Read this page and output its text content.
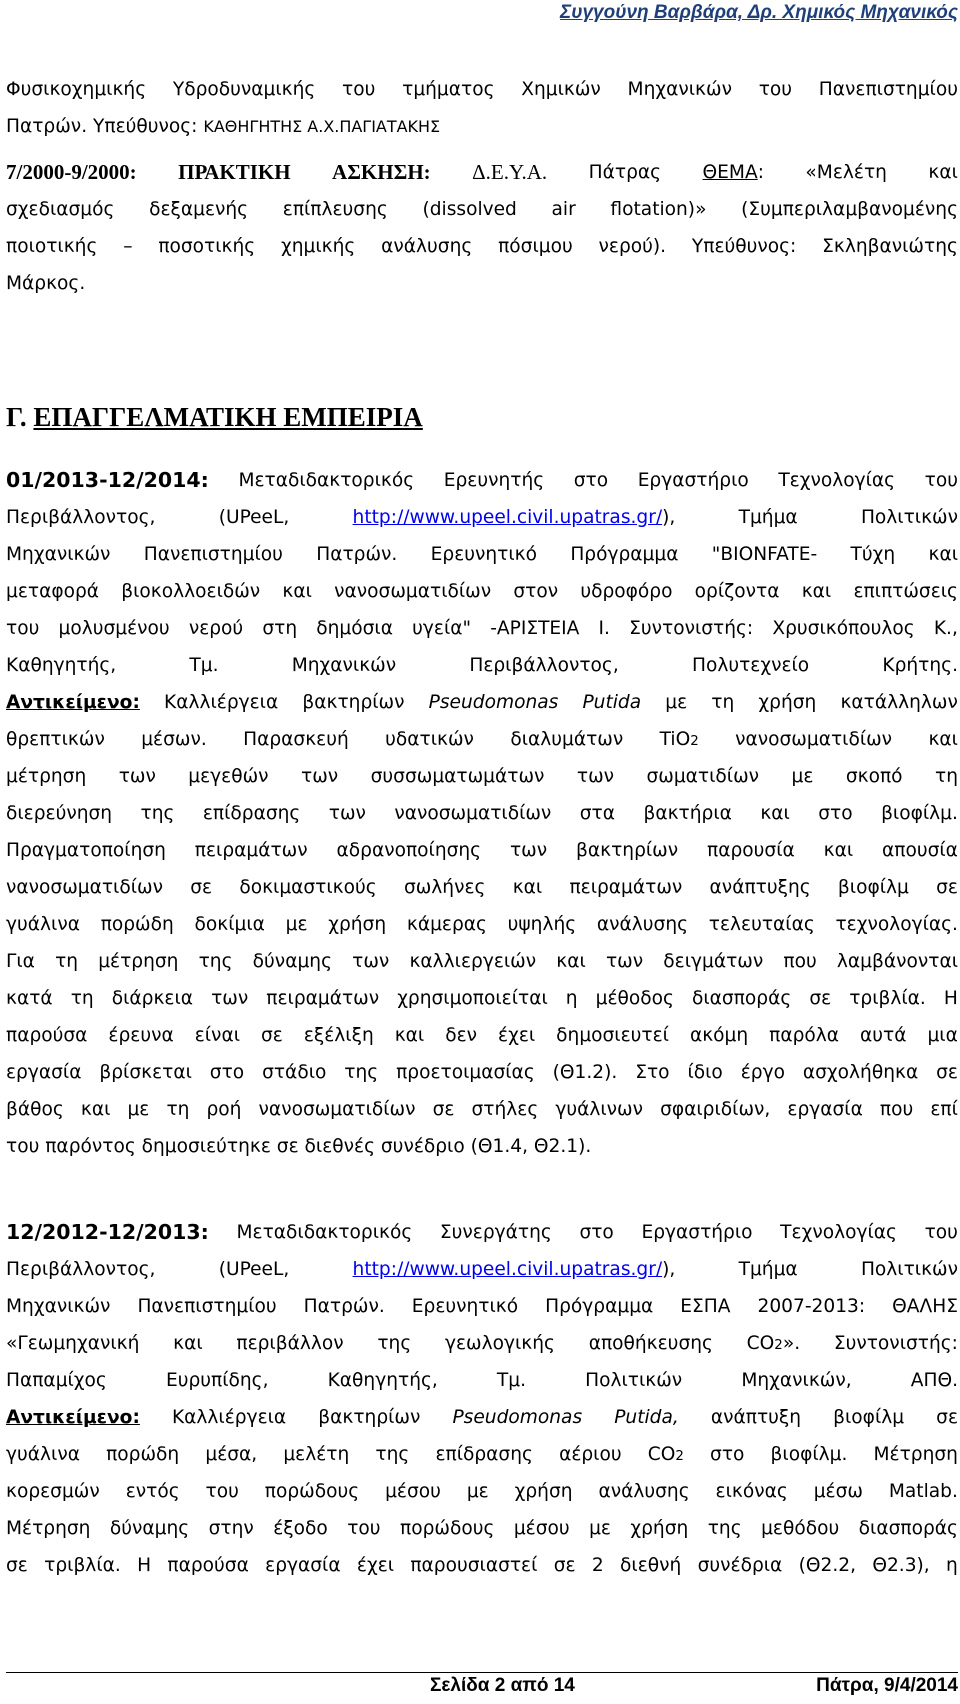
Συγγούνη Βαρβάρα, Δρ. Χημικός Μηχανικός
Φυσικοχημικής Υδροδυναμικής του τμήματος Χημικών Μηχανικών του Πανεπιστημίου
Πατρών. Υπεύθυνος: ΚΑΘΗΓΗΤΗΣ Α.Χ.ΠΑΓΙΑΤΑΚΗΣ
7/2000-9/2000: ΠΡΑΚΤΙΚΗ ΑΣΚΗΣΗ: Δ.Ε.Υ.Α. Πάτρας ΘΕΜΑ: «Μελέτη και
σχεδιασμός δεξαμενής επίπλευσης (dissolved air flotation)» (Συμπεριλαμβανομένης
ποιοτικής – ποσοτικής χημικής ανάλυσης πόσιμου νερού). Υπεύθυνος: Σκληβανιώτης
Μάρκος.
Γ. ΕΠΑΓΓΕΛΜΑΤΙΚΗ ΕΜΠΕΙΡΙΑ
01/2013-12/2014: Μεταδιδακτορικός Ερευνητής στο Εργαστήριο Τεχνολογίας του
Περιβάλλοντος,	(UPeeL,	http://www.upeel.civil.upatras.gr/),	Τμήμα	Πολιτικών
Μηχανικών Πανεπιστημίου Πατρών. Ερευνητικό Πρόγραμμα "BIONFATE- Τύχη και
μεταφορά βιοκολλοειδών και νανοσωματιδίων στον υδροφόρο ορίζοντα και επιπτώσεις
του μολυσμένου νερού στη δημόσια υγεία" -ΑΡΙΣΤΕΙΑ Ι. Συντονιστής: Χρυσικόπουλος Κ.,
Καθηγητής,	Τμ.	Μηχανικών	Περιβάλλοντος,	Πολυτεχνείο	Κρήτης.
Αντικείμενο: Καλλιέργεια βακτηρίων Pseudomonas Putida με τη χρήση κατάλληλων
θρεπτικών μέσων. Παρασκευή υδατικών διαλυμάτων TiO2 νανοσωματιδίων και
μέτρηση των μεγεθών των συσσωματωμάτων των σωματιδίων με σκοπό τη
διερεύνηση της επίδρασης των νανοσωματιδίων στα βακτήρια και στο βιοφίλμ.
Πραγματοποίηση πειραμάτων αδρανοποίησης των βακτηρίων παρουσία και απουσία
νανοσωματιδίων σε δοκιμαστικούς σωλήνες και πειραμάτων ανάπτυξης βιοφίλμ σε
γυάλινα πορώδη δοκίμια με χρήση κάμερας υψηλής ανάλυσης τελευταίας τεχνολογίας.
Για τη μέτρηση της δύναμης των καλλιεργειών και των δειγμάτων που λαμβάνονται
κατά τη διάρκεια των πειραμάτων χρησιμοποιείται η μέθοδος διασποράς σε τριβλία. Η
παρούσα έρευνα είναι σε εξέλιξη και δεν έχει δημοσιευτεί ακόμη παρόλα αυτά μια
εργασία βρίσκεται στο στάδιο της προετοιμασίας (Θ1.2). Στο ίδιο έργο ασχολήθηκα σε
βάθος και με τη ροή νανοσωματιδίων σε στήλες γυάλινων σφαιριδίων, εργασία που επί
του παρόντος δημοσιεύτηκε σε διεθνές συνέδριο (Θ1.4, Θ2.1).
12/2012-12/2013: Μεταδιδακτορικός Συνεργάτης στο Εργαστήριο Τεχνολογίας του
Περιβάλλοντος,	(UPeeL,	http://www.upeel.civil.upatras.gr/),	Τμήμα	Πολιτικών
Μηχανικών Πανεπιστημίου Πατρών. Ερευνητικό Πρόγραμμα ΕΣΠΑ 2007-2013: ΘΑΛΗΣ
«Γεωμηχανική και περιβάλλον της γεωλογικής αποθήκευσης CO2». Συντονιστής:
Παπαμίχος	Ευρυπίδης,	Καθηγητής,	Τμ.	Πολιτικών	Μηχανικών,	ΑΠΘ.
Αντικείμενο: Καλλιέργεια βακτηρίων Pseudomonas Putida, ανάπτυξη βιοφίλμ σε
γυάλινα πορώδη μέσα, μελέτη της επίδρασης αέριου CO2 στο βιοφίλμ. Μέτρηση
κορεσμών εντός του πορώδους μέσου με χρήση ανάλυσης εικόνας μέσω Matlab.
Μέτρηση δύναμης στην έξοδο του πορώδους μέσου με χρήση της μεθόδου διασποράς
σε τριβλία. Η παρούσα εργασία έχει παρουσιαστεί σε 2 διεθνή συνέδρια (Θ2.2, Θ2.3), η
Σελίδα 2 από 14	Πάτρα, 9/4/2014
